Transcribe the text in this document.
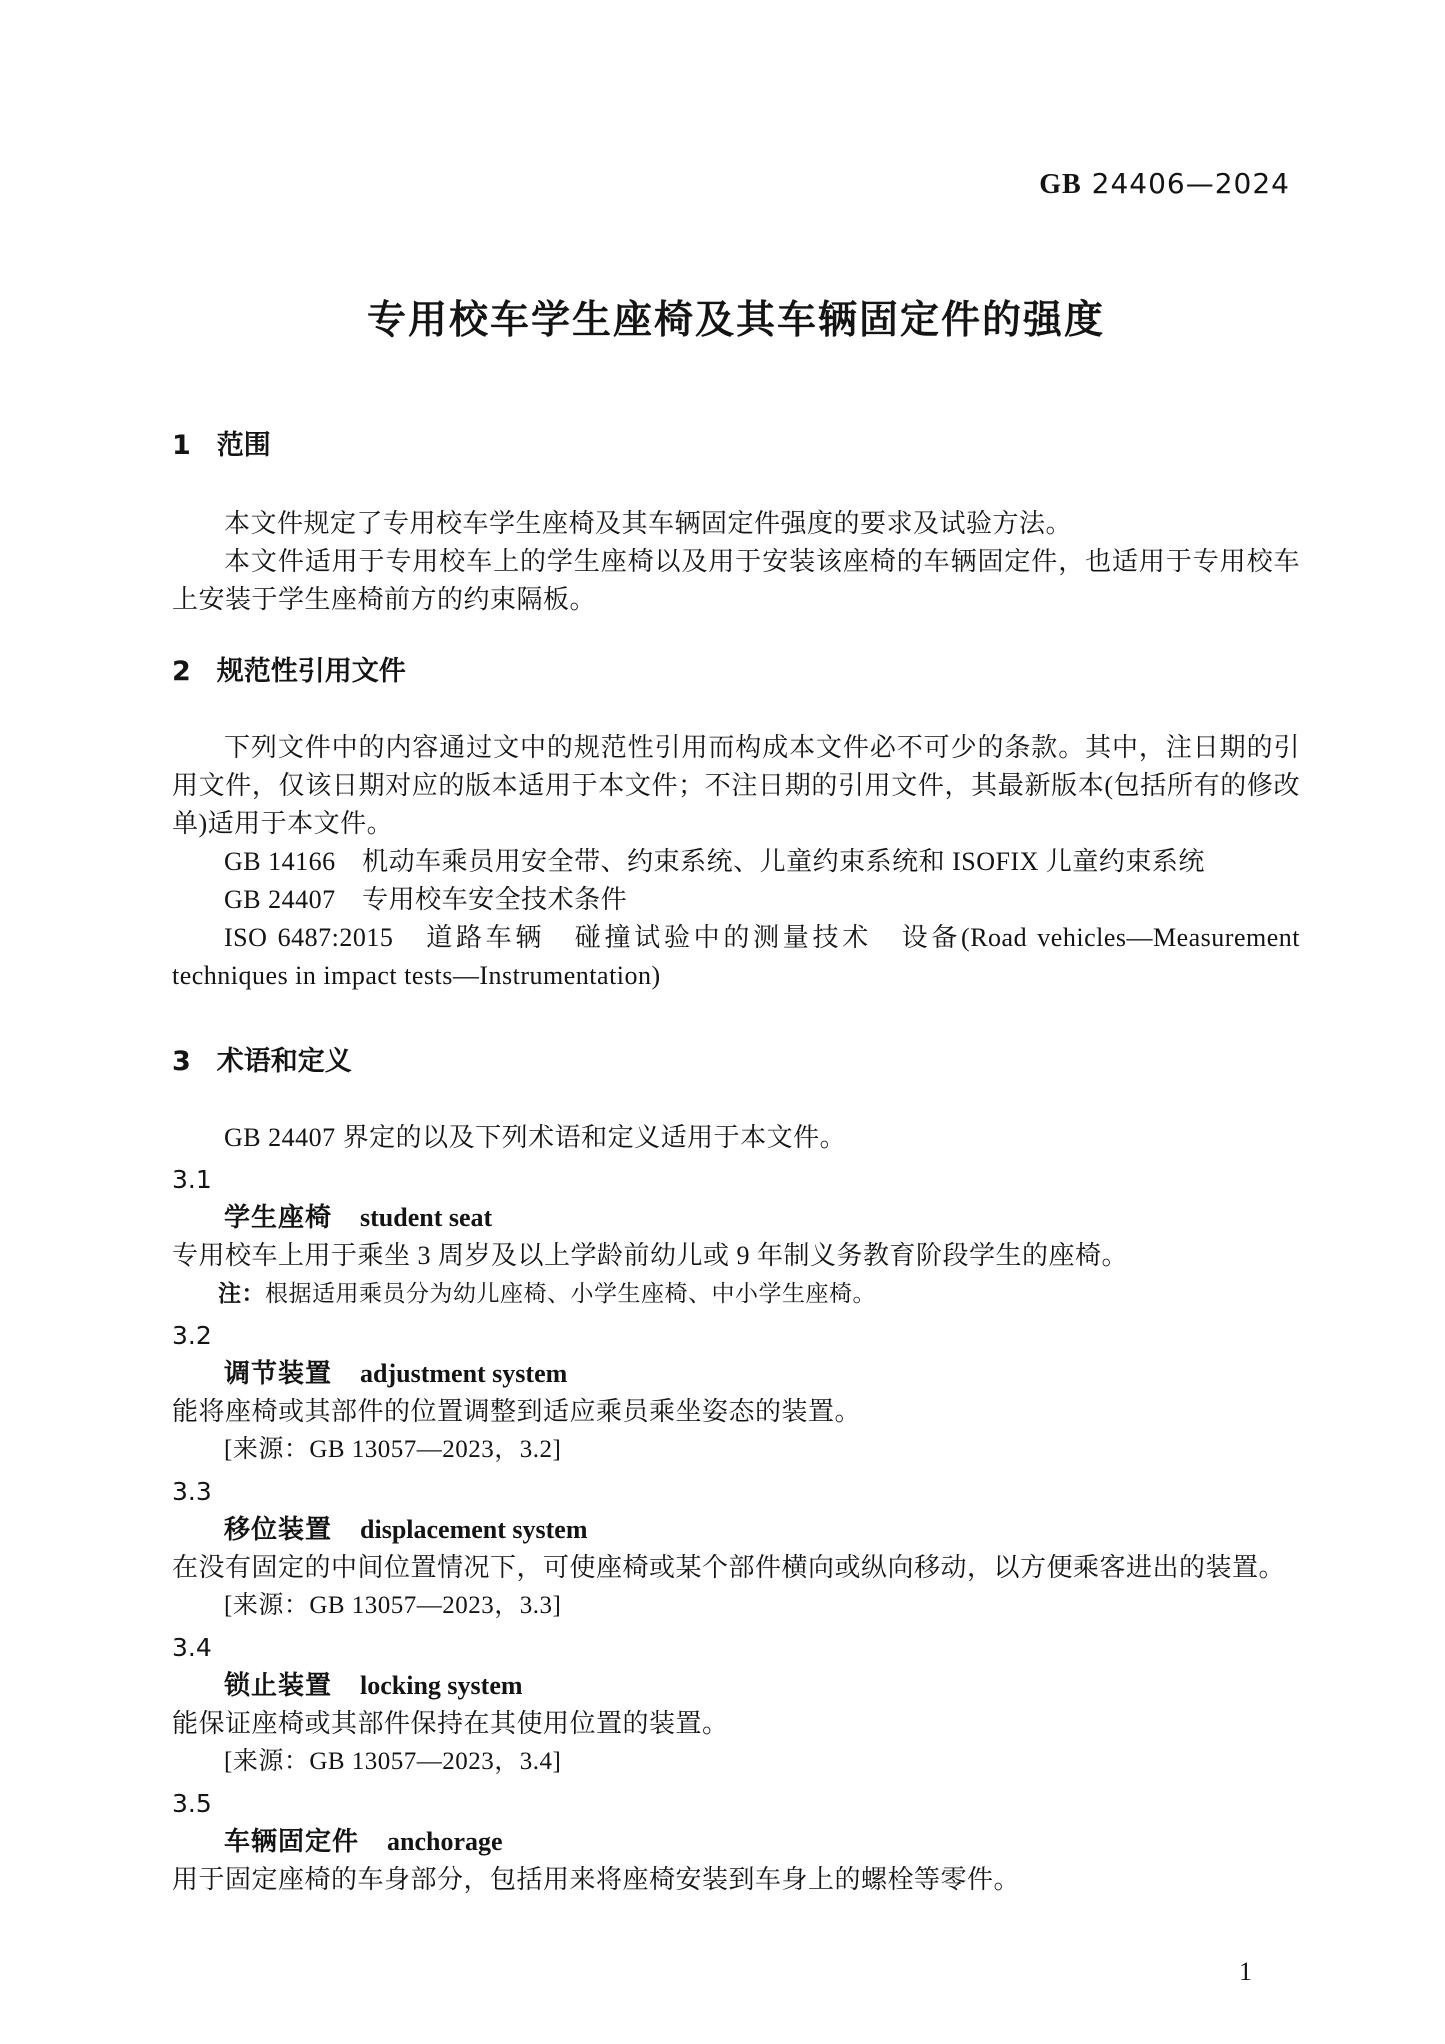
GB 24406—2024
专用校车学生座椅及其车辆固定件的强度
1 范围

本文件规定了专用校车学生座椅及其车辆固定件强度的要求及试验方法。

本文件适用于专用校车上的学生座椅以及用于安装该座椅的车辆固定件，也适用于专用校车上安装于学生座椅前方的约束隔板。

2 规范性引用文件

下列文件中的内容通过文中的规范性引用而构成本文件必不可少的条款。其中，注日期的引用文件，仅该日期对应的版本适用于本文件；不注日期的引用文件，其最新版本(包括所有的修改单)适用于本文件。

GB 14166　机动车乘员用安全带、约束系统、儿童约束系统和 ISOFIX 儿童约束系统

GB 24407　专用校车安全技术条件

ISO 6487:2015　道路车辆　碰撞试验中的测量技术　设备(Road vehicles—Measurement techniques in impact tests—Instrumentation)

3 术语和定义

GB 24407 界定的以及下列术语和定义适用于本文件。

3.1
学生座椅 student seat

专用校车上用于乘坐 3 周岁及以上学龄前幼儿或 9 年制义务教育阶段学生的座椅。

注：根据适用乘员分为幼儿座椅、小学生座椅、中小学生座椅。

3.2
调节装置 adjustment system

能将座椅或其部件的位置调整到适应乘员乘坐姿态的装置。

[来源：GB 13057—2023，3.2]

3.3
移位装置 displacement system

在没有固定的中间位置情况下，可使座椅或某个部件横向或纵向移动，以方便乘客进出的装置。

[来源：GB 13057—2023，3.3]

3.4
锁止装置 locking system

能保证座椅或其部件保持在其使用位置的装置。

[来源：GB 13057—2023，3.4]

3.5
车辆固定件 anchorage

用于固定座椅的车身部分，包括用来将座椅安装到车身上的螺栓等零件。

1
